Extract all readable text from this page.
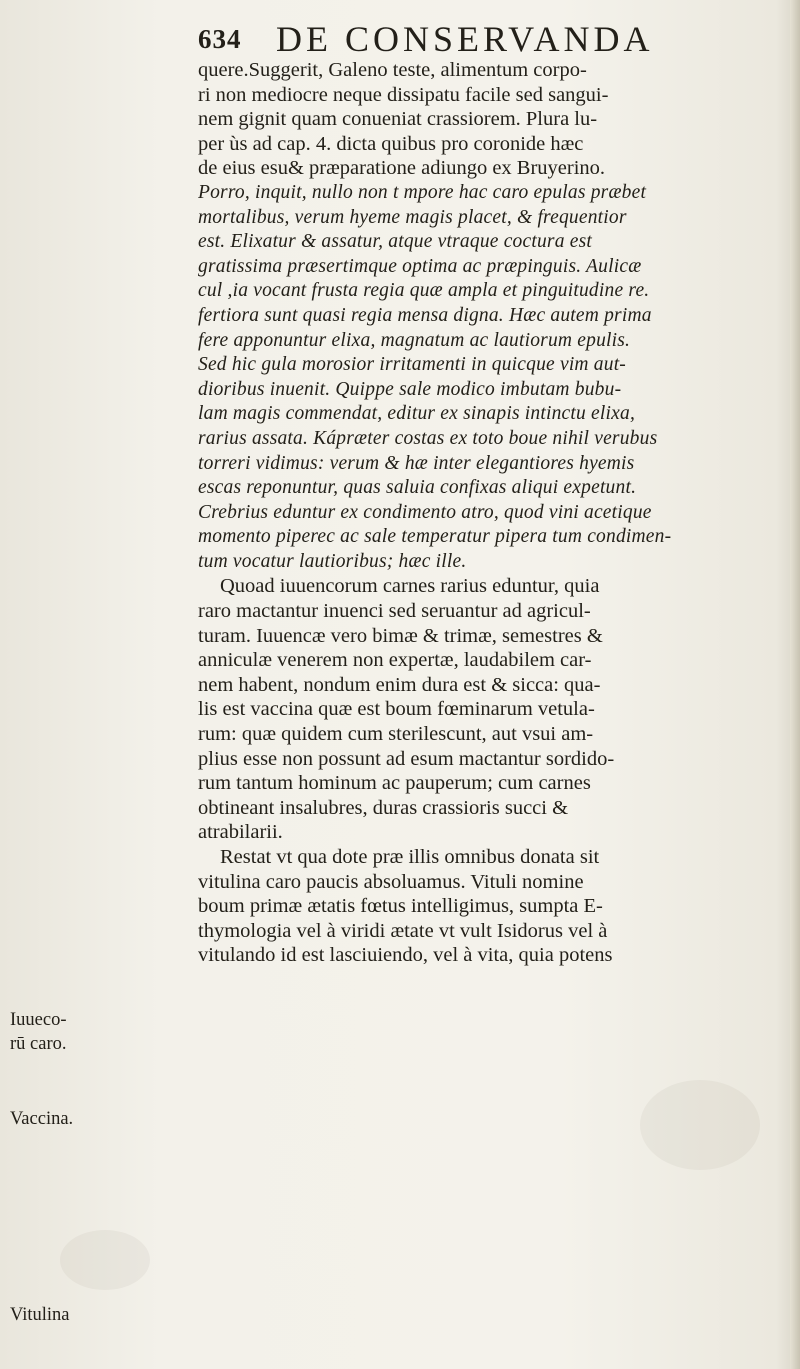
634 DE CONSERVANDA
Iuueco-
rū caro.
Vaccina.
Vitulina
quere.Suggerit, Galeno teste, alimentum corpo-
ri non mediocre neque dissipatu facile sed sangui-
nem gignit quam conueniat crassiorem. Plura lu-
per ùs ad cap. 4. dicta quibus pro coronide hæc
de eius esu& præparatione adiungo ex Bruyerino.
Porro, inquit, nullo non t mpore hac caro epulas præbet
mortalibus, verum hyeme magis placet, & frequentior
est. Elixatur & assatur, atque vtraque coctura est
gratissima præsertimque optima ac præpinguis. Aulicæ
cul ,ia vocant frusta regia quæ ampla et pinguitudine re.
fertiora sunt quasi regia mensa digna. Hæc autem prima
fere apponuntur elixa, magnatum ac lautiorum epulis.
Sed hic gula morosior irritamenti in quicque vim aut-
dioribus inuenit. Quippe sale modico imbutam bubu-
lam magis commendat, editur ex sinapis intinctu elixa,
rarius assata. Kápræter costas ex toto boue nihil verubus
torreri vidimus: verum & hæ inter elegantiores hyemis
escas reponuntur, quas saluia confixas aliqui expetunt.
Crebrius eduntur ex condimento atro, quod vini acetique
momento piperec ac sale temperatur pipera tum condimen-
tum vocatur lautioribus; hæc ille.
Quoad iuuencorum carnes rarius eduntur, quia
raro mactantur inuenci sed seruantur ad agricul-
turam. Iuuencæ vero bimæ & trimæ, semestres &
anniculæ venerem non expertæ, laudabilem car-
nem habent, nondum enim dura est & sicca: qua-
lis est vaccina quæ est boum fœminarum vetula-
rum: quæ quidem cum sterilescunt, aut vsui am-
plius esse non possunt ad esum mactantur sordido-
rum tantum hominum ac pauperum; cum carnes
obtineant insalubres, duras crassioris succi &
atrabilarii.
Restat vt qua dote præ illis omnibus donata sit
vitulina caro paucis absoluamus. Vituli nomine
boum primæ ætatis fœtus intelligimus, sumpta E-
thymologia vel à viridi ætate vt vult Isidorus vel à
vitulando id est lasciuiendo, vel à vita, quia potens
